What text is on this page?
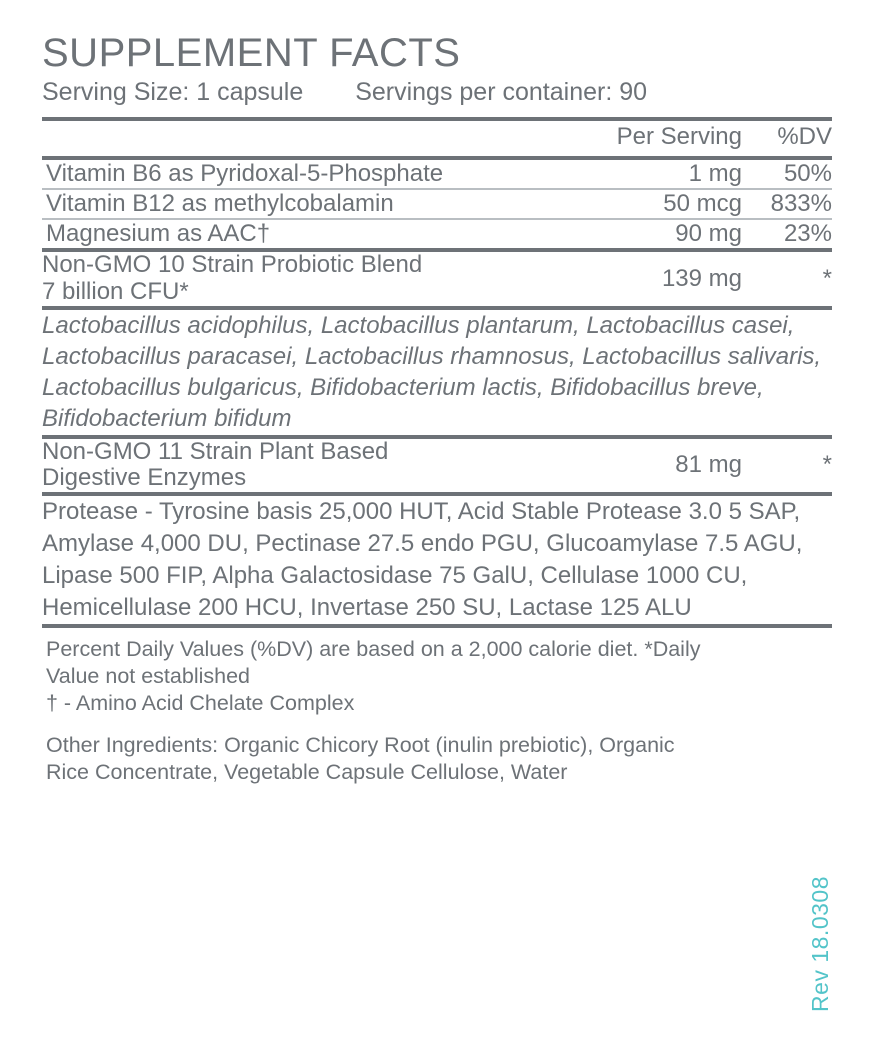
SUPPLEMENT FACTS
Serving Size: 1 capsule Servings per container: 90
	Per Serving	%DV
Vitamin B6 as Pyridoxal-5-Phosphate	1 mg	50%
Vitamin B12 as methylcobalamin	50 mcg	833%
Magnesium as AAC†	90 mg	23%

Non-GMO 10 Strain Probiotic Blend
7 billion CFU*	139 mg	*
Lactobacillus acidophilus, Lactobacillus plantarum, Lactobacillus casei, Lactobacillus paracasei, Lactobacillus rhamnosus, Lactobacillus salivaris, Lactobacillus bulgaricus, Bifidobacterium lactis, Bifidobacillus breve, Bifidobacterium bifidum		

Non-GMO 11 Strain Plant Based
Digestive Enzymes	81 mg	*
Protease - Tyrosine basis 25,000 HUT, Acid Stable Protease 3.0 5 SAP, Amylase 4,000 DU, Pectinase 27.5 endo PGU, Glucoamylase 7.5 AGU, Lipase 500 FIP, Alpha Galactosidase 75 GalU, Cellulase 1000 CU, Hemicellulase 200 HCU, Invertase 250 SU, Lactase 125 ALU		

Percent Daily Values (%DV) are based on a 2,000 calorie diet. *Daily Value not established

† - Amino Acid Chelate Complex

Other Ingredients: Organic Chicory Root (inulin prebiotic), Organic Rice Concentrate, Vegetable Capsule Cellulose, Water		

Rev 18.0308
